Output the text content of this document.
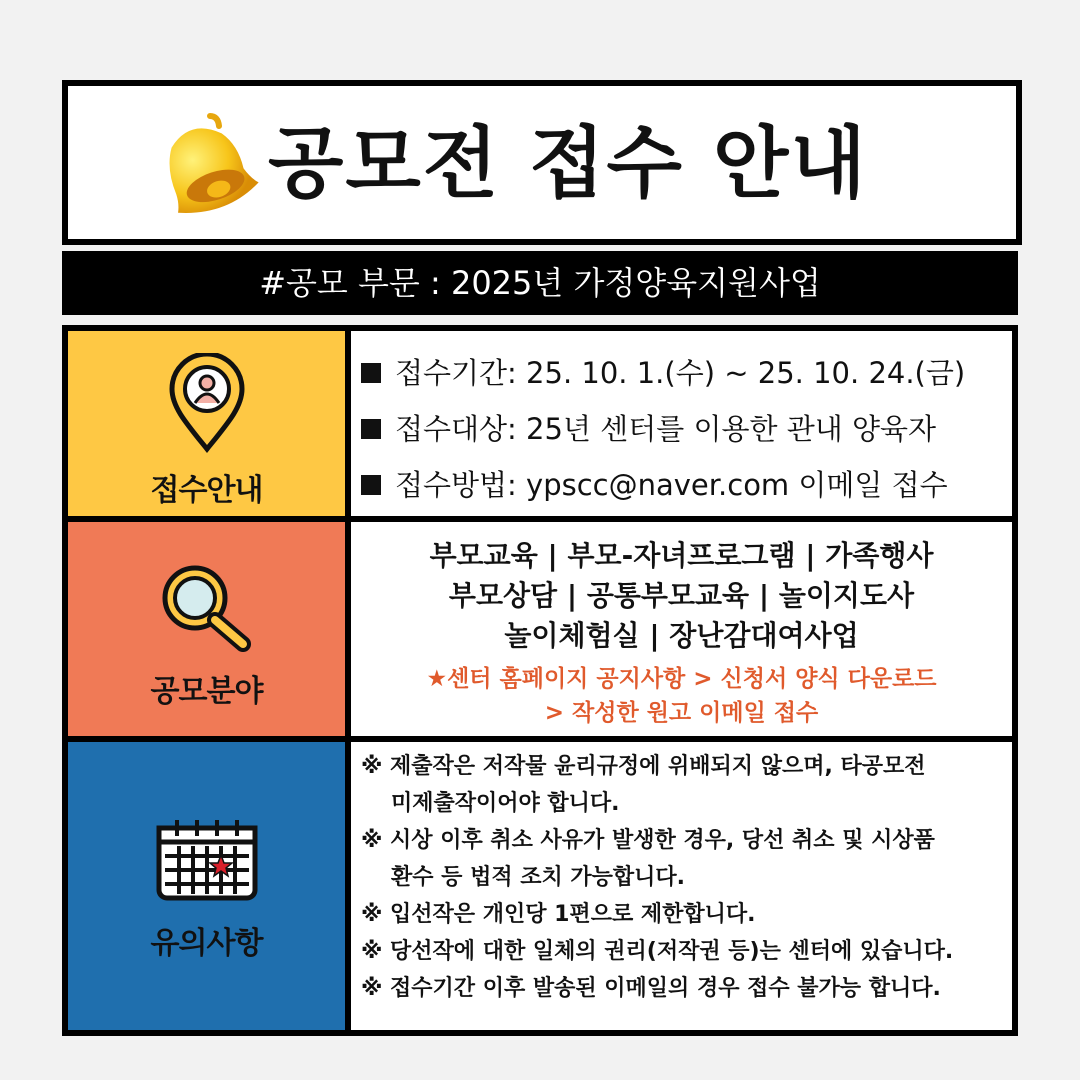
공모전 접수 안내
#공모 부문 : 2025년 가정양육지원사업
접수안내
접수기간: 25. 10. 1.(수) ~ 25. 10. 24.(금)
접수대상: 25년 센터를 이용한 관내 양육자
접수방법: ypscc@naver.com 이메일 접수
공모분야
부모교육 | 부모-자녀프로그램 | 가족행사
부모상담 | 공통부모교육 | 놀이지도사
놀이체험실 | 장난감대여사업
★센터 홈페이지 공지사항 > 신청서 양식 다운로드
> 작성한 원고 이메일 접수
유의사항
※ 제출작은 저작물 윤리규정에 위배되지 않으며, 타공모전
미제출작이어야 합니다.
※ 시상 이후 취소 사유가 발생한 경우, 당선 취소 및 시상품
환수 등 법적 조치 가능합니다.
※ 입선작은 개인당 1편으로 제한합니다.
※ 당선작에 대한 일체의 권리(저작권 등)는 센터에 있습니다.
※ 접수기간 이후 발송된 이메일의 경우 접수 불가능 합니다.
